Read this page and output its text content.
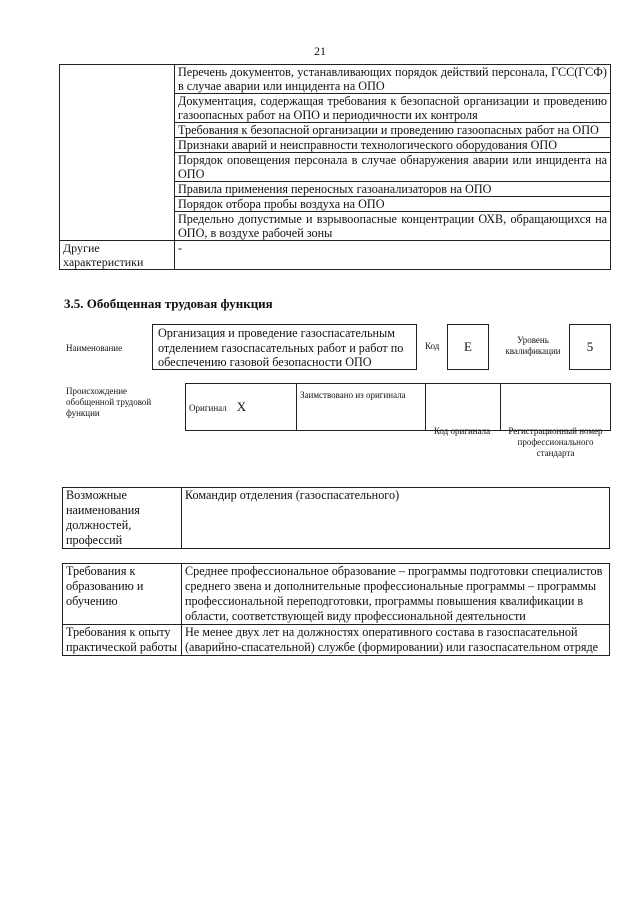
21
	Перечень документов, устанавливающих порядок действий персонала, ГСС(ГСФ) в случае аварии или инцидента на ОПО
	Документация, содержащая требования к безопасной организации и проведению газоопасных работ на ОПО и периодичности их контроля
	Требования к безопасной организации и проведению газоопасных работ на ОПО
	Признаки аварий и неисправности технологического оборудования ОПО
	Порядок оповещения персонала в случае обнаружения аварии или инцидента на ОПО
	Правила применения переносных газоанализаторов на ОПО
	Порядок отбора пробы воздуха на ОПО
	Предельно допустимые и взрывоопасные концентрации ОХВ, обращающихся на ОПО, в воздухе рабочей зоны
Другие характеристики	-
3.5. Обобщенная трудовая функция
Наименование
Организация и проведение газоспасательным отделением газоспасательных работ и работ по обеспечению газовой безопасности ОПО
Код	Е	Уровень квалификации	5
Происхождение обобщенной трудовой функции	Оригинал X	Заимствовано из оригинала		
Код оригинала	Регистрационный номер профессионального стандарта
Возможные наименования должностей, профессий	Командир отделения (газоспасательного)
Требования к образованию и обучению	Среднее профессиональное образование – программы подготовки специалистов среднего звена и дополнительные профессиональные программы – программы профессиональной переподготовки, программы повышения квалификации в области, соответствующей виду профессиональной деятельности
Требования к опыту практической работы	Не менее двух лет на должностях оперативного состава в газоспасательной (аварийно-спасательной) службе (формировании) или газоспасательном отряде
